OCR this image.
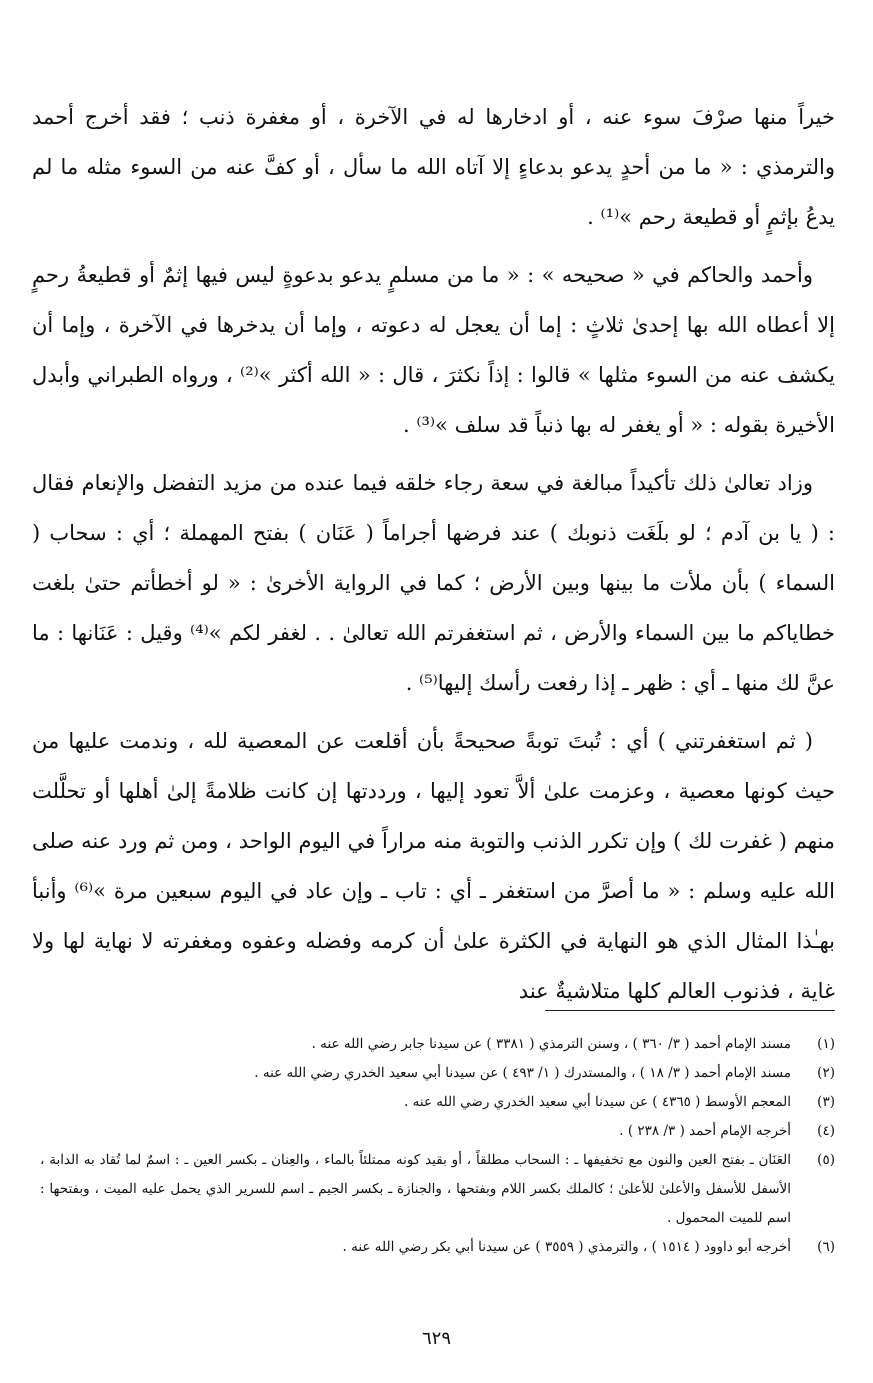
خيراً منها صرْفَ سوء عنه ، أو ادخارها له في الآخرة ، أو مغفرة ذنب ؛ فقد أخرج أحمد والترمذي : « ما من أحدٍ يدعو بدعاءٍ إلا آتاه الله ما سأل ، أو كفَّ عنه من السوء مثله ما لم يدعُ بإثمٍ أو قطيعة رحم »⁽¹⁾ .

وأحمد والحاكم في « صحيحه » : « ما من مسلمٍ يدعو بدعوةٍ ليس فيها إثمٌ أو قطيعةُ رحمٍ إلا أعطاه الله بها إحدىٰ ثلاثٍ : إما أن يعجل له دعوته ، وإما أن يدخرها في الآخرة ، وإما أن يكشف عنه من السوء مثلها » قالوا : إذاً نكثرَ ، قال : « الله أكثر »⁽²⁾ ، ورواه الطبراني وأبدل الأخيرة بقوله : « أو يغفر له بها ذنباً قد سلف »⁽³⁾ .

وزاد تعالىٰ ذلك تأكيداً مبالغة في سعة رجاء خلقه فيما عنده من مزيد التفضل والإنعام فقال : ( يا بن آدم ؛ لو بلَغَت ذنوبك ) عند فرضها أجراماً ( عَنَان ) بفتح المهملة ؛ أي : سحاب ( السماء ) بأن ملأت ما بينها وبين الأرض ؛ كما في الرواية الأخرىٰ : « لو أخطأتم حتىٰ بلغت خطاياكم ما بين السماء والأرض ، ثم استغفرتم الله تعالىٰ . . لغفر لكم »⁽⁴⁾ وقيل : عَنَانها : ما عنَّ لك منها ـ أي : ظهر ـ إذا رفعت رأسك إليها⁽⁵⁾ .

( ثم استغفرتني ) أي : تُبتَ توبةً صحيحةً بأن أقلعت عن المعصية لله ، وندمت عليها من حيث كونها معصية ، وعزمت علىٰ ألاَّ تعود إليها ، ورددتها إن كانت ظلامةً إلىٰ أهلها أو تحلَّلت منهم ( غفرت لك ) وإن تكرر الذنب والتوبة منه مراراً في اليوم الواحد ، ومن ثم ورد عنه صلى الله عليه وسلم : « ما أصرَّ من استغفر ـ أي : تاب ـ وإن عاد في اليوم سبعين مرة »⁽⁶⁾ وأنبأ بهـٰذا المثال الذي هو النهاية في الكثرة علىٰ أن كرمه وفضله وعفوه ومغفرته لا نهاية لها ولا غاية ، فذنوب العالم كلها متلاشيةٌ عند

(١)
مسند الإمام أحمد ( ٣/ ٣٦٠ ) ، وسنن الترمذي ( ٣٣٨١ ) عن سيدنا جابر رضي الله عنه .
(٢)
مسند الإمام أحمد ( ٣/ ١٨ ) ، والمستدرك ( ١/ ٤٩٣ ) عن سيدنا أبي سعيد الخدري رضي الله عنه .
(٣)
المعجم الأوسط ( ٤٣٦٥ ) عن سيدنا أبي سعيد الخدري رضي الله عنه .
(٤)
أخرجه الإمام أحمد ( ٣/ ٢٣٨ ) .
(٥)
العَنَان ـ بفتح العين والنون مع تخفيفها ـ : السحاب مطلقاً ، أو بقيد كونه ممتلئاً بالماء ، والعِنان ـ بكسر العين ـ : اسمٌ لما تُقاد به الدابة ، الأسفل للأسفل والأعلىٰ للأعلىٰ ؛ كالملك بكسر اللام وبفتحها ، والجنازة ـ بكسر الجيم ـ اسم للسرير الذي يحمل عليه الميت ، وبفتحها : اسم للميت المحمول .
(٦)
أخرجه أبو داوود ( ١٥١٤ ) ، والترمذي ( ٣٥٥٩ ) عن سيدنا أبي بكر رضي الله عنه .
٦٢٩
